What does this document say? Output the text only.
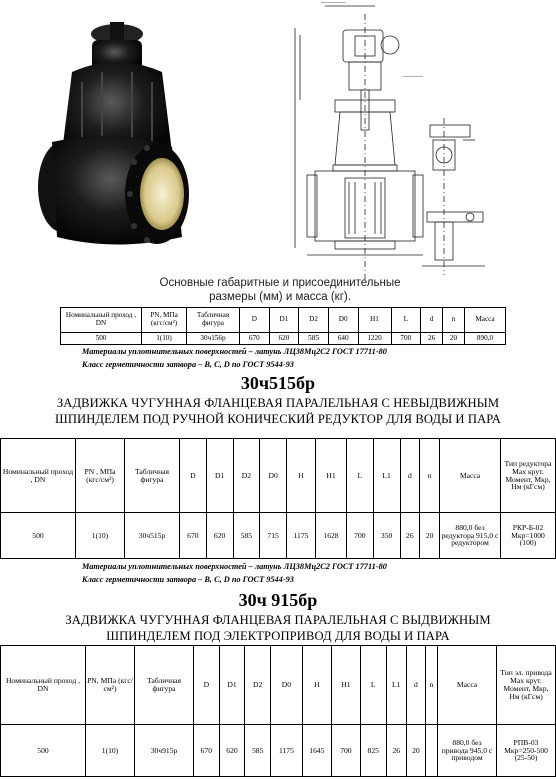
‾‾‾‾‾‾‾‾‾‾
‾‾‾‾‾‾‾‾
Основные габаритные и присоединительные
размеры (мм) и масса (кг).
Номинальный проход , DN	PN, МПа (кгс/см²)	Табличная фигура	D	D1	D2	D0	H1	L	d	n	Масса
500	1(10)	30ч156р	670	620	585	640	1220	700	26	20	890,0
Материалы уплотнительных поверхностей – латунь ЛЦ38Мц2С2 ГОСТ 17711-80
Класс герметичности затвора – В, С, D по ГОСТ 9544-93
30ч515бр
ЗАДВИЖКА ЧУГУННАЯ ФЛАНЦЕВАЯ ПАРАЛЕЛЬНАЯ С НЕВЫДВИЖНЫМ
ШПИНДЕЛЕМ ПОД РУЧНОЙ КОНИЧЕСКИЙ РЕДУКТОР ДЛЯ ВОДЫ И ПАРА
Номинальный проход , DN	PN , МПа (кгс/см²)	Табличная фигура	D	D1	D2	D0	H	H1	L	L1	d	n	Масса	Тип редуктора Мах крут. Момент, Мкр, Нм (кГсм)
500	1(10)	30ч515р	670	620	585	715	1175	1628	700	350	26	20	880,0 без редуктора 915,0 с редуктором	РКР-Б-02 Мкр=1000 (100)
Материалы уплотнительных поверхностей – латунь ЛЦ38Мц2С2 ГОСТ 17711-80
Класс герметичности затвора – В, С, D по ГОСТ 9544-93
30ч 915бр
ЗАДВИЖКА ЧУГУННАЯ ФЛАНЦЕВАЯ ПАРАЛЕЛЬНАЯ С ВЫДВИЖНЫМ
ШПИНДЕЛЕМ ПОД ЭЛЕКТРОПРИВОД ДЛЯ ВОДЫ И ПАРА
Номинальный проход , DN	PN, МПа (кгс/см²)	Табличная фигура	D	D1	D2	D0	H	H1	L	L1	d	n	Масса	Тип эл. привода Мах крут. Момент, Мкр, Нм (кГсм)
500	1(10)	30ч915р	670	620	585	1175	1645	700	825	26	20		880,0 без привода 945,0 с приводом	РПВ-03 Мкр=250-500 (25-50)
